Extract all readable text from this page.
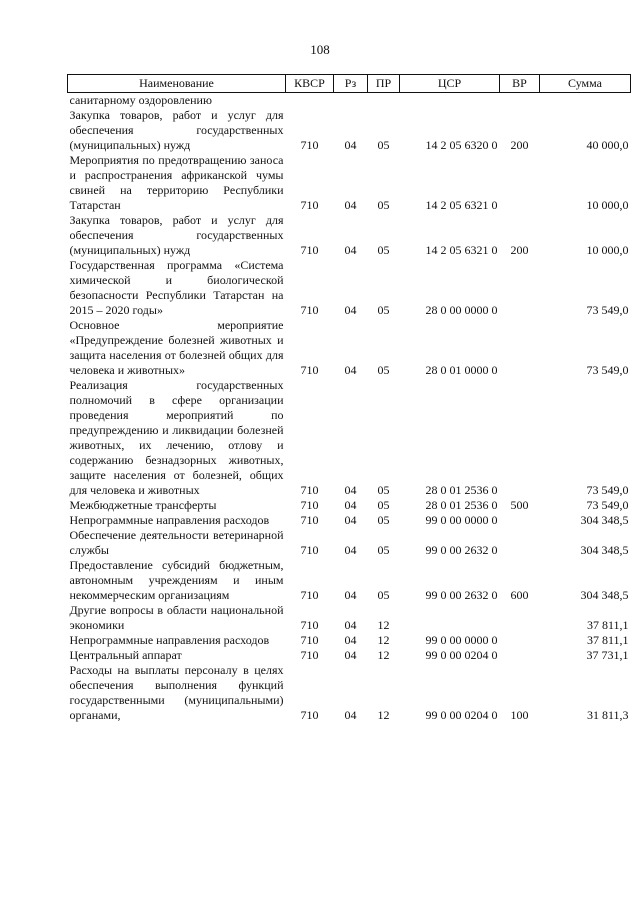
108
Наименование	КВСР	Рз	ПР	ЦСР	ВР	Сумма
санитарному оздоровлению						
Закупка товаров, работ и услуг для обеспечения государственных (муниципальных) нужд	710	04	05	14 2 05 6320 0	200	40 000,0
Мероприятия по предотвращению заноса и распространения африканской чумы свиней на территорию Республики Татарстан	710	04	05	14 2 05 6321 0		10 000,0
Закупка товаров, работ и услуг для обеспечения государственных (муниципальных) нужд	710	04	05	14 2 05 6321 0	200	10 000,0
Государственная программа «Система химической и биологической безопасности Республики Татарстан на 2015 – 2020 годы»	710	04	05	28 0 00 0000 0		73 549,0
Основное мероприятие «Предупреждение болезней животных и защита населения от болезней общих для человека и животных»	710	04	05	28 0 01 0000 0		73 549,0
Реализация государственных полномочий в сфере организации проведения мероприятий по предупреждению и ликвидации болезней животных, их лечению, отлову и содержанию безнадзорных животных, защите населения от болезней, общих для человека и животных	710	04	05	28 0 01 2536 0		73 549,0
Межбюджетные трансферты	710	04	05	28 0 01 2536 0	500	73 549,0
Непрограммные направления расходов	710	04	05	99 0 00 0000 0		304 348,5
Обеспечение деятельности ветеринарной службы	710	04	05	99 0 00 2632 0		304 348,5
Предоставление субсидий бюджетным, автономным учреждениям и иным некоммерческим организациям	710	04	05	99 0 00 2632 0	600	304 348,5
Другие вопросы в области национальной экономики	710	04	12			37 811,1
Непрограммные направления расходов	710	04	12	99 0 00 0000 0		37 811,1
Центральный аппарат	710	04	12	99 0 00 0204 0		37 731,1
Расходы на выплаты персоналу в целях обеспечения выполнения функций государственными (муниципальными) органами,	710	04	12	99 0 00 0204 0	100	31 811,3
